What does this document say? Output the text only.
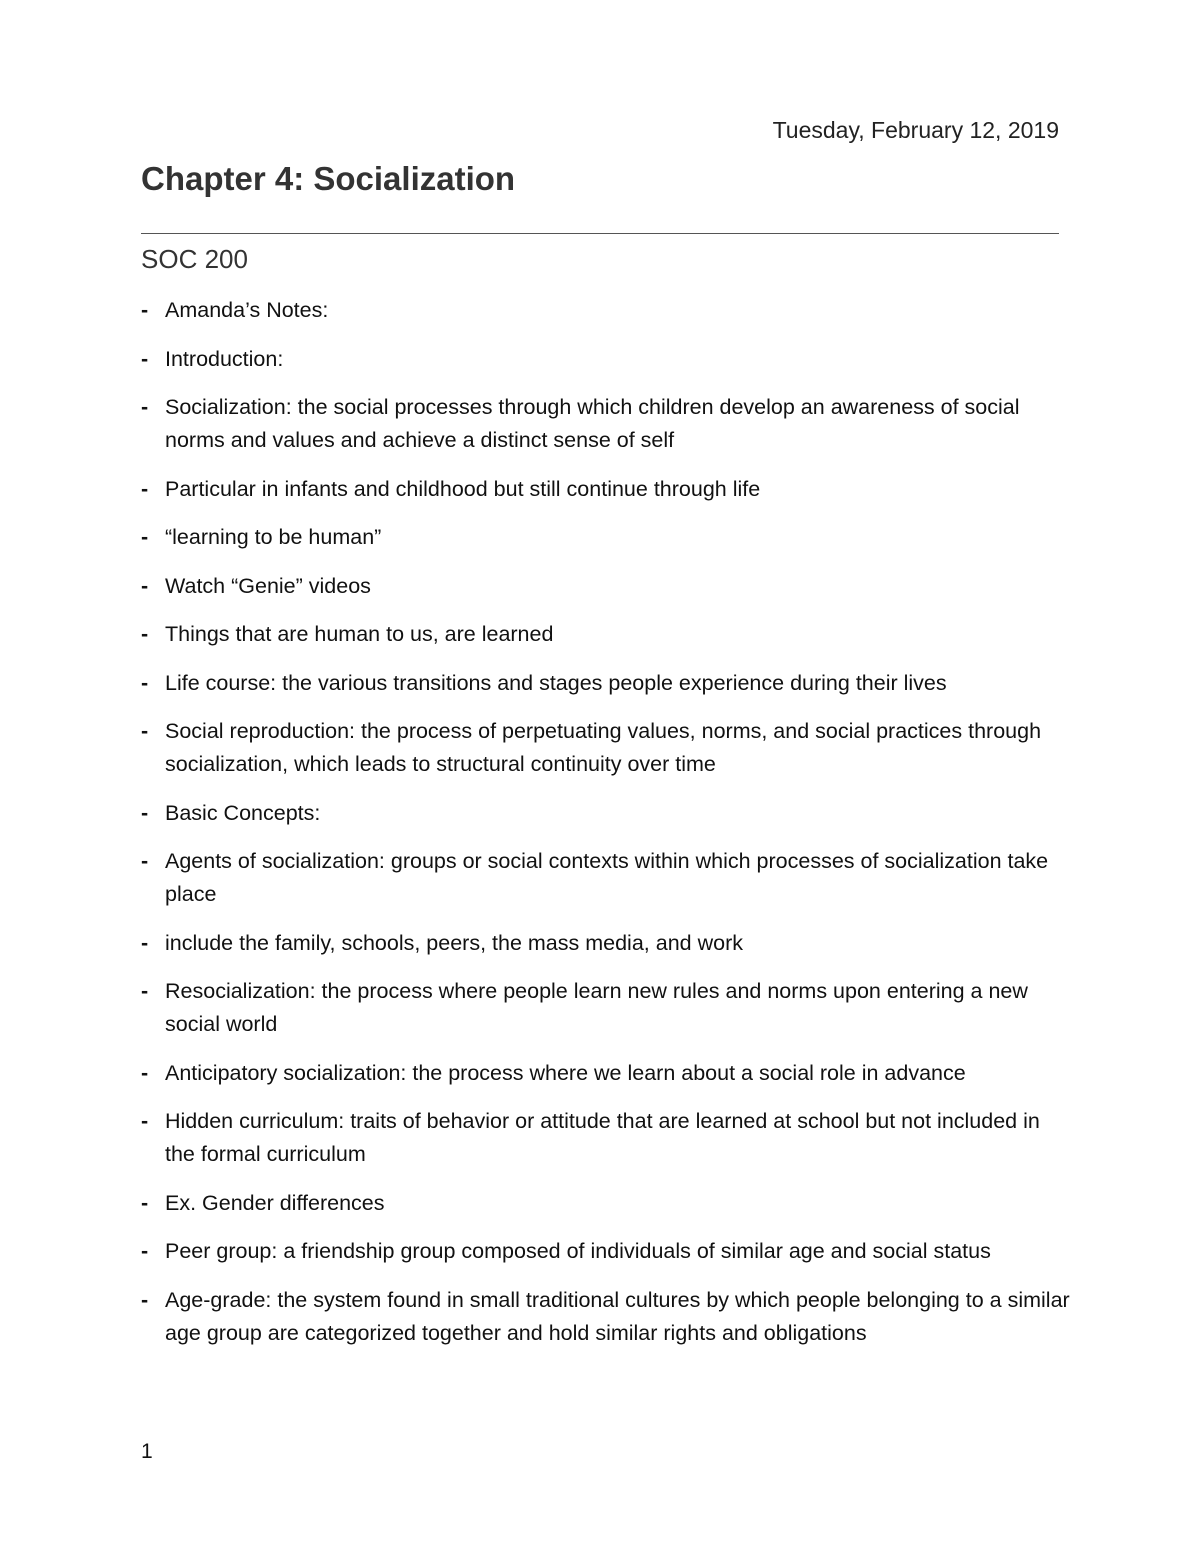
Tuesday, February 12, 2019
Chapter 4: Socialization
SOC 200
- Amanda’s Notes:
- Introduction:
- Socialization: the social processes through which children develop an awareness of social norms and values and achieve a distinct sense of self
- Particular in infants and childhood but still continue through life
- “learning to be human”
- Watch “Genie” videos
- Things that are human to us, are learned
- Life course: the various transitions and stages people experience during their lives
- Social reproduction: the process of perpetuating values, norms, and social practices through socialization, which leads to structural continuity over time
- Basic Concepts:
- Agents of socialization: groups or social contexts within which processes of socialization take place
- include the family, schools, peers, the mass media, and work
- Resocialization: the process where people learn new rules and norms upon entering a new social world
- Anticipatory socialization: the process where we learn about a social role in advance
- Hidden curriculum: traits of behavior or attitude that are learned at school but not included in the formal curriculum
- Ex. Gender differences
- Peer group: a friendship group composed of individuals of similar age and social status
- Age-grade: the system found in small traditional cultures by which people belonging to a similar age group are categorized together and hold similar rights and obligations
1
